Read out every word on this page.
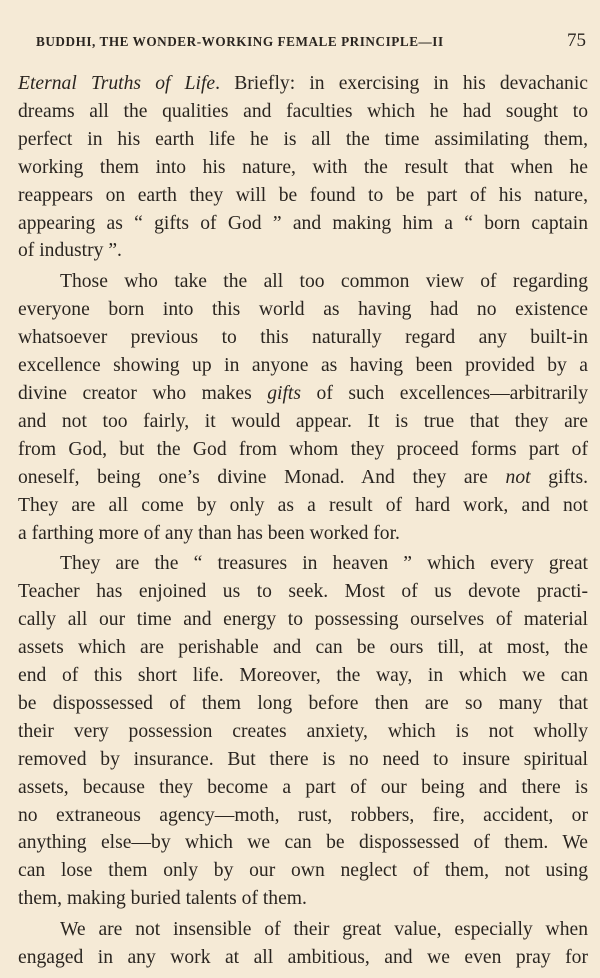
BUDDHI, THE WONDER-WORKING FEMALE PRINCIPLE—II	75
Eternal Truths of Life. Briefly: in exercising in his devachanic
dreams all the qualities and faculties which he had sought to
perfect in his earth life he is all the time assimilating them,
working them into his nature, with the result that when he
reappears on earth they will be found to be part of his nature,
appearing as “ gifts of God ” and making him a “ born captain
of industry ”.
Those who take the all too common view of regarding
everyone born into this world as having had no existence
whatsoever previous to this naturally regard any built-in
excellence showing up in anyone as having been provided by a
divine creator who makes gifts of such excellences—arbitrarily
and not too fairly, it would appear. It is true that they are
from God, but the God from whom they proceed forms part of
oneself, being one’s divine Monad. And they are not gifts.
They are all come by only as a result of hard work, and not
a farthing more of any than has been worked for.
They are the “ treasures in heaven ” which every great
Teacher has enjoined us to seek. Most of us devote practi-
cally all our time and energy to possessing ourselves of material
assets which are perishable and can be ours till, at most, the
end of this short life. Moreover, the way, in which we can
be dispossessed of them long before then are so many that
their very possession creates anxiety, which is not wholly
removed by insurance. But there is no need to insure spiritual
assets, because they become a part of our being and there is
no extraneous agency—moth, rust, robbers, fire, accident, or
anything else—by which we can be dispossessed of them. We
can lose them only by our own neglect of them, not using
them, making buried talents of them.
We are not insensible of their great value, especially when
engaged in any work at all ambitious, and we even pray for
